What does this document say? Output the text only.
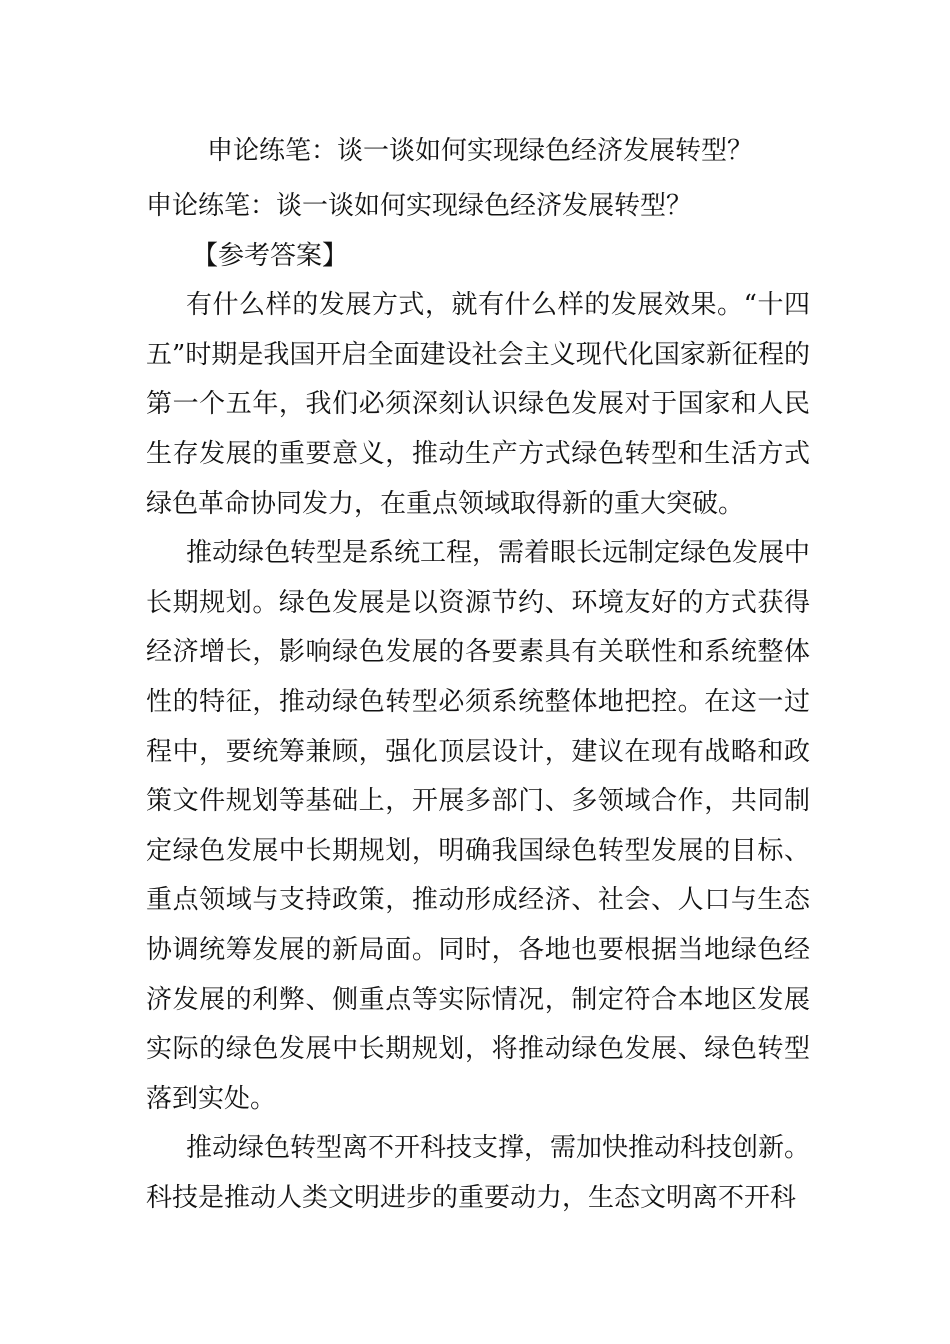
申论练笔：谈一谈如何实现绿色经济发展转型？

申论练笔：谈一谈如何实现绿色经济发展转型？

【参考答案】

有什么样的发展方式，就有什么样的发展效果。“十四五”时期是我国开启全面建设社会主义现代化国家新征程的第一个五年，我们必须深刻认识绿色发展对于国家和人民生存发展的重要意义，推动生产方式绿色转型和生活方式绿色革命协同发力，在重点领域取得新的重大突破。

推动绿色转型是系统工程，需着眼长远制定绿色发展中长期规划。绿色发展是以资源节约、环境友好的方式获得经济增长，影响绿色发展的各要素具有关联性和系统整体性的特征，推动绿色转型必须系统整体地把控。在这一过程中，要统筹兼顾，强化顶层设计，建议在现有战略和政策文件规划等基础上，开展多部门、多领域合作，共同制定绿色发展中长期规划，明确我国绿色转型发展的目标、重点领域与支持政策，推动形成经济、社会、人口与生态协调统筹发展的新局面。同时，各地也要根据当地绿色经济发展的利弊、侧重点等实际情况，制定符合本地区发展实际的绿色发展中长期规划，将推动绿色发展、绿色转型落到实处。

推动绿色转型离不开科技支撑，需加快推动科技创新。科技是推动人类文明进步的重要动力，生态文明离不开科
